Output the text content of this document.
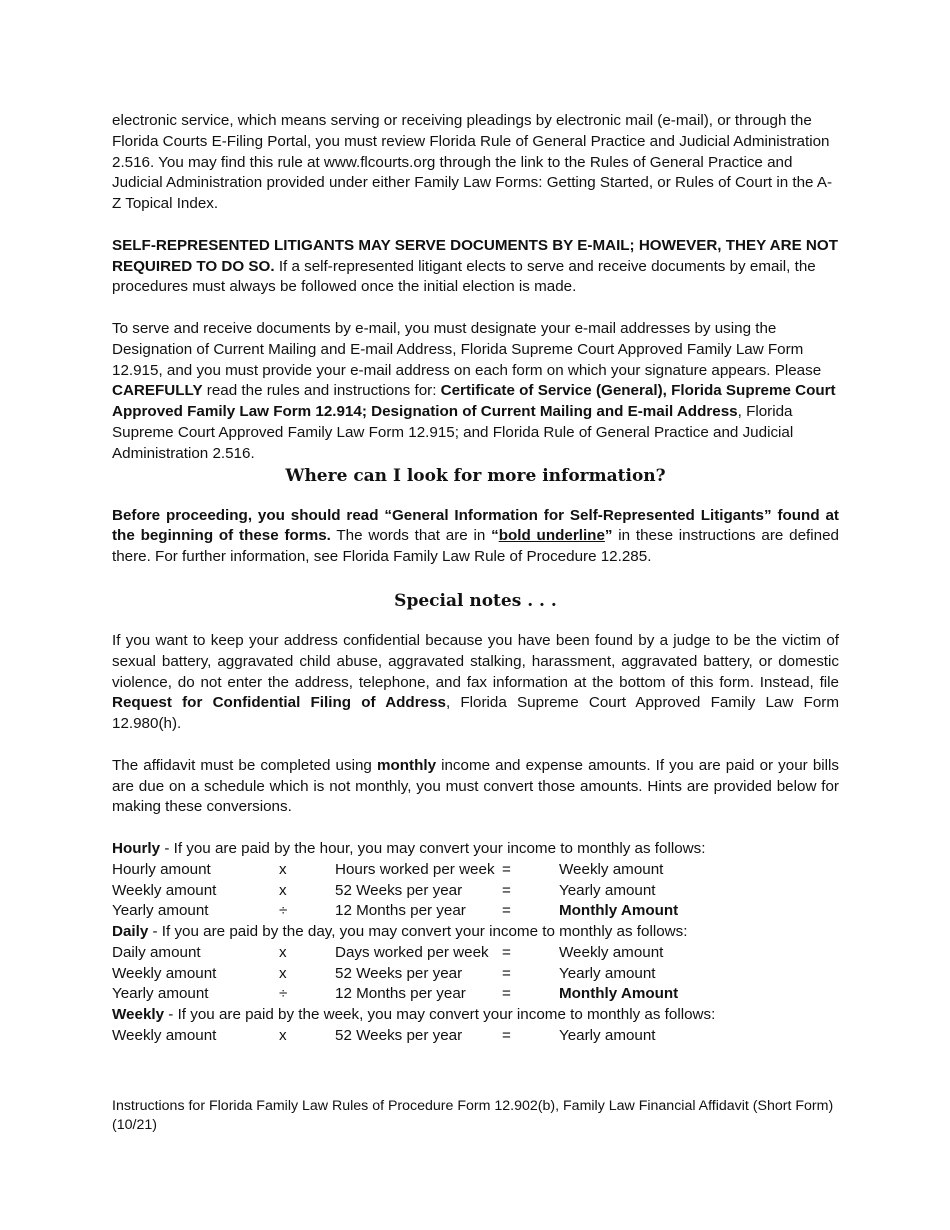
electronic service, which means serving or receiving pleadings by electronic mail (e-mail), or through the Florida Courts E-Filing Portal, you must review Florida Rule of General Practice and Judicial Administration 2.516. You may find this rule at www.flcourts.org through the link to the Rules of General Practice and Judicial Administration provided under either Family Law Forms: Getting Started, or Rules of Court in the A-Z Topical Index.

SELF-REPRESENTED LITIGANTS MAY SERVE DOCUMENTS BY E-MAIL; HOWEVER, THEY ARE NOT REQUIRED TO DO SO. If a self-represented litigant elects to serve and receive documents by email, the procedures must always be followed once the initial election is made.

To serve and receive documents by e-mail, you must designate your e-mail addresses by using the Designation of Current Mailing and E-mail Address, Florida Supreme Court Approved Family Law Form 12.915, and you must provide your e-mail address on each form on which your signature appears. Please CAREFULLY read the rules and instructions for: Certificate of Service (General), Florida Supreme Court Approved Family Law Form 12.914; Designation of Current Mailing and E-mail Address, Florida Supreme Court Approved Family Law Form 12.915; and Florida Rule of General Practice and Judicial Administration 2.516.

Where can I look for more information?

Before proceeding, you should read “General Information for Self-Represented Litigants” found at the beginning of these forms. The words that are in “bold underline” in these instructions are defined there. For further information, see Florida Family Law Rule of Procedure 12.285.

Special notes . . .

If you want to keep your address confidential because you have been found by a judge to be the victim of sexual battery, aggravated child abuse, aggravated stalking, harassment, aggravated battery, or domestic violence, do not enter the address, telephone, and fax information at the bottom of this form. Instead, file Request for Confidential Filing of Address, Florida Supreme Court Approved Family Law Form 12.980(h).

The affidavit must be completed using monthly income and expense amounts. If you are paid or your bills are due on a schedule which is not monthly, you must convert those amounts. Hints are provided below for making these conversions.

Hourly - If you are paid by the hour, you may convert your income to monthly as follows:

Hourly amount	x	Hours worked per week =	Weekly amount
Weekly amount	x	52 Weeks per year	=	Yearly amount
Yearly amount	÷	12 Months per year	=	Monthly Amount

Daily - If you are paid by the day, you may convert your income to monthly as follows:

Daily amount	x	Days worked per week =	Weekly amount
Weekly amount	x	52 Weeks per year	=	Yearly amount
Yearly amount	÷	12 Months per year	=	Monthly Amount

Weekly - If you are paid by the week, you may convert your income to monthly as follows:

Weekly amount	x	52 Weeks per year	=	Yearly amount
Instructions for Florida Family Law Rules of Procedure Form 12.902(b), Family Law Financial Affidavit (Short Form) (10/21)
